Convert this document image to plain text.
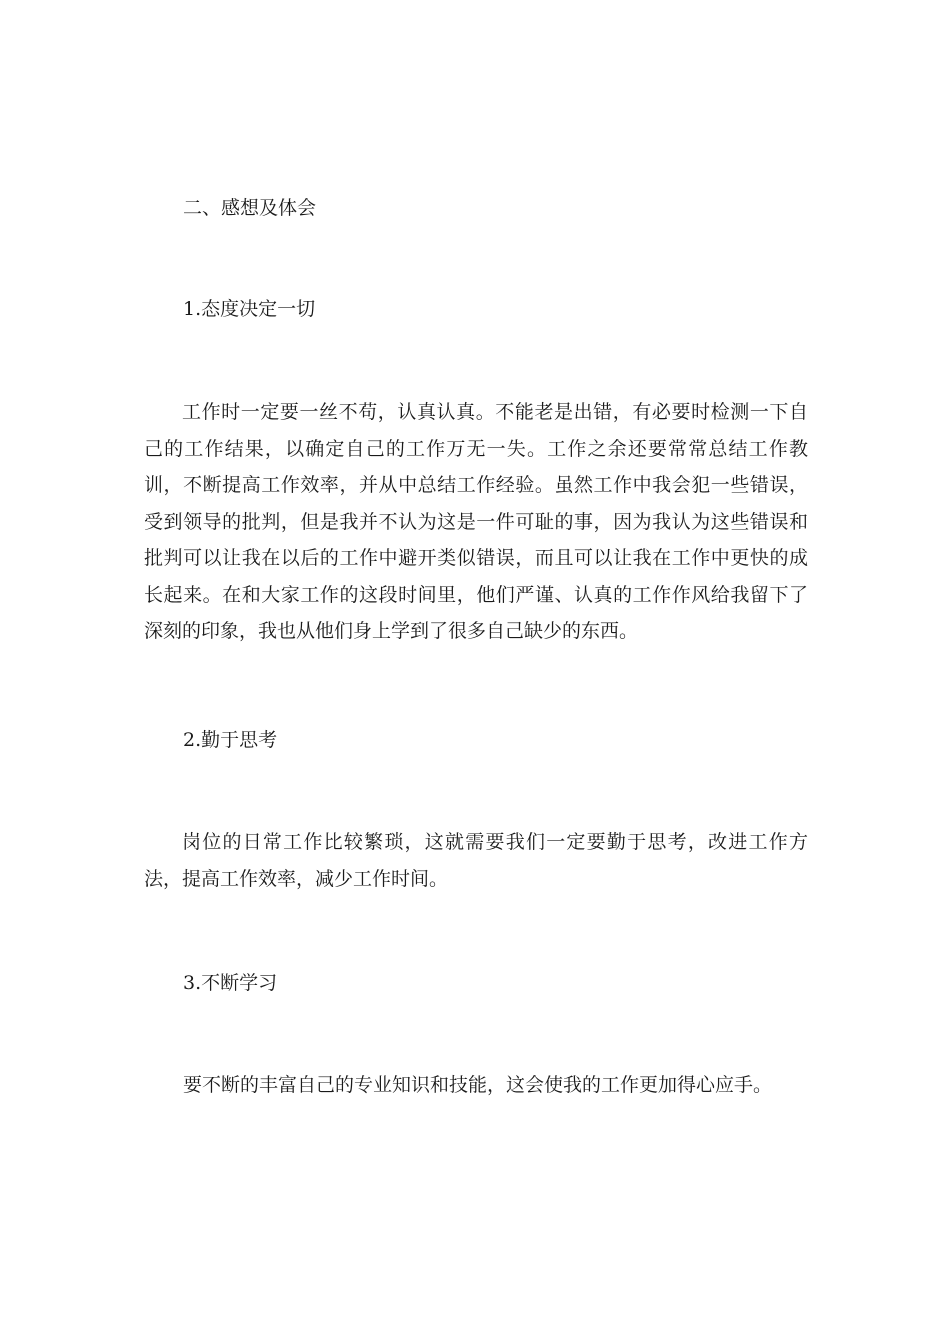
二、感想及体会
1.态度决定一切
工作时一定要一丝不苟，认真认真。不能老是出错，有必要时检测一下自己的工作结果，以确定自己的工作万无一失。工作之余还要常常总结工作教训，不断提高工作效率，并从中总结工作经验。虽然工作中我会犯一些错误，受到领导的批判，但是我并不认为这是一件可耻的事，因为我认为这些错误和批判可以让我在以后的工作中避开类似错误，而且可以让我在工作中更快的成长起来。在和大家工作的这段时间里，他们严谨、认真的工作作风给我留下了深刻的印象，我也从他们身上学到了很多自己缺少的东西。
2.勤于思考
岗位的日常工作比较繁琐，这就需要我们一定要勤于思考，改进工作方法，提高工作效率，减少工作时间。
3.不断学习
要不断的丰富自己的专业知识和技能，这会使我的工作更加得心应手。
